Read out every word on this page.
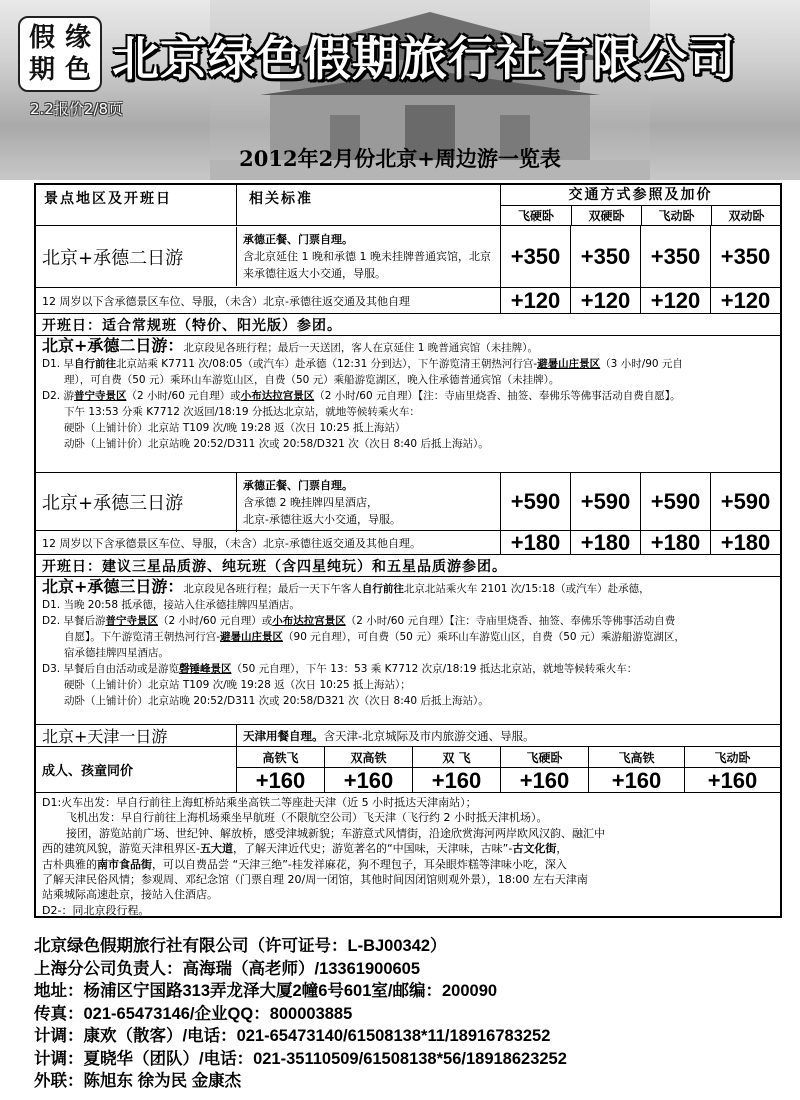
假 缘
期 色
2.2报价2/8页
北京绿色假期旅行社有限公司
2012年2月份北京+周边游一览表
景点地区及开班日	相关标准	交通方式参照及加价
飞硬卧	双硬卧	飞动卧	双动卧
北京+承德二日游
承德正餐、门票自理。
含北京延住 1 晚和承德 1 晚未挂牌普通宾馆，北京来承德往返大小交通，导服。
+350 +350 +350 +350
12 周岁以下含承德景区车位、导服，（未含）北京-承德往返交通及其他自理	+120 +120 +120 +120
开班日：适合常规班（特价、阳光版）参团。

北京+承德二日游：北京段见各班行程；最后一天送团，客人在京延住 1 晚普通宾馆（未挂牌）。

D1. 早自行前往北京站乘 K7711 次/08:05（或汽车）赴承德（12:31 分到达），下午游览清王朝热河行宫-避暑山庄景区（3 小时/90 元自

理），可自费（50 元）乘环山车游览山区，自费（50 元）乘船游览湖区，晚入住承德普通宾馆（未挂牌）。

D2. 游普宁寺景区（2 小时/60 元自理）或小布达拉宫景区（2 小时/60 元自理）【注：寺庙里烧香、抽签、奉佛乐等佛事活动自费自愿】。

下午 13:53 分乘 K7712 次返回/18:19 分抵达北京站，就地等候转乘火车：

硬卧（上铺计价）北京站 T109 次/晚 19:28 返（次日 10:25 抵上海站）

动卧（上铺计价）北京站晚 20:52/D311 次或 20:58/D321 次（次日 8:40 后抵上海站）。

北京+承德三日游
承德正餐、门票自理。
含承德 2 晚挂牌四星酒店，
北京-承德往返大小交通，导服。
+590 +590 +590 +590
12 周岁以下含承德景区车位、导服，（未含）北京-承德往返交通及其他自理。	+180 +180 +180 +180
开班日：建议三星品质游、纯玩班（含四星纯玩）和五星品质游参团。

北京+承德三日游：北京段见各班行程；最后一天下午客人自行前往北京北站乘火车 2101 次/15:18（或汽车）赴承德，

D1. 当晚 20:58 抵承德，接站入住承德挂牌四星酒店。

D2. 早餐后游普宁寺景区（2 小时/60 元自理）或小布达拉宫景区（2 小时/60 元自理）【注：寺庙里烧香、抽签、奉佛乐等佛事活动自费

自愿】。下午游览清王朝热河行宫-避暑山庄景区（90 元自理），可自费（50 元）乘环山车游览山区，自费（50 元）乘游船游览湖区，

宿承德挂牌四星酒店。

D3. 早餐后自由活动或是游览磬锤峰景区（50 元自理），下午 13：53 乘 K7712 次京/18:19 抵达北京站，就地等候转乘火车：

硬卧（上铺计价）北京站 T109 次/晚 19:28 返（次日 10:25 抵上海站）；

动卧（上铺计价）北京站晚 20:52/D311 次或 20:58/D321 次（次日 8:40 后抵上海站）。

北京+天津一日游	天津用餐自理。 含天津-北京城际及市内旅游交通、导服。
成人、孩童同价
高铁飞	双高铁	双 飞	飞硬卧	飞高铁	飞动卧
+160	+160	+160	+160	+160	+160

D1:火车出发：早自行前往上海虹桥站乘坐高铁二等座赴天津（近 5 小时抵达天津南站）；

飞机出发：早自行前往上海机场乘坐早航班（不限航空公司）飞天津（飞行约 2 小时抵天津机场）。

接团，游览站前广场、世纪钟、解放桥，感受津城新貌；车游意式风情街，沿途欣赏海河两岸欧风汉韵、融汇中

西的建筑风貌，游览天津租界区-五大道，了解天津近代史；游览著名的“中国味，天津味，古味”-古文化街，

古朴典雅的南市食品街，可以自费品尝 “天津三绝”-桂发祥麻花，狗不理包子，耳朵眼炸糕等津味小吃，深入

了解天津民俗风情；参观周、邓纪念馆（门票自理 20/周一闭馆，其他时间因闭馆则观外景），18:00 左右天津南

站乘城际高速赴京，接站入住酒店。

D2-：同北京段行程。

北京绿色假期旅行社有限公司（许可证号：L-BJ00342）

上海分公司负责人：高海瑞（高老师）/13361900605

地址：杨浦区宁国路313弄龙泽大厦2幢6号601室/邮编：200090

传真：021-65473146/企业QQ：800003885

计调：康欢（散客）/电话：021-65473140/61508138*11/18916783252

计调：夏晓华（团队）/电话：021-35110509/61508138*56/18918623252

外联：陈旭东 徐为民 金康杰
